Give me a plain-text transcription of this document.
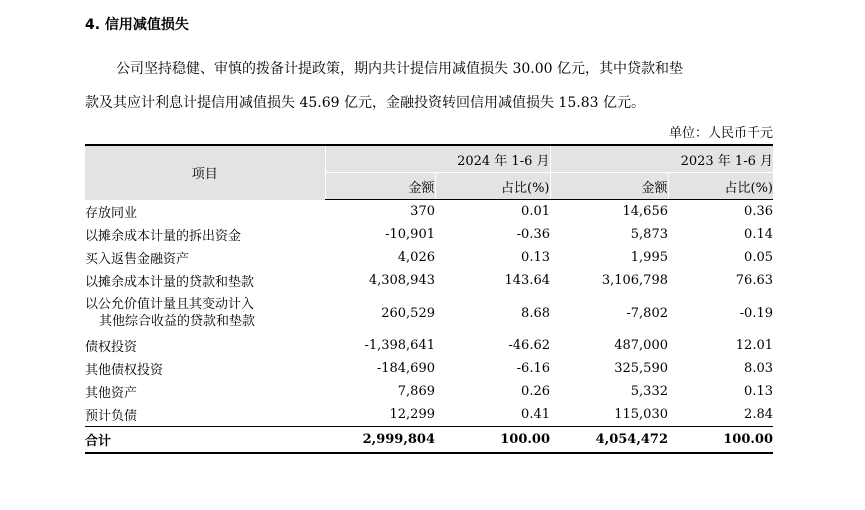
4. 信用减值损失
公司坚持稳健、审慎的拨备计提政策，期内共计提信用减值损失 30.00 亿元，其中贷款和垫
款及其应计利息计提信用减值损失 45.69 亿元，金融投资转回信用减值损失 15.83 亿元。
单位：人民币千元
项目	2024 年 1-6 月		2023 年 1-6 月	
	金额	占比(%)	金额	占比(%)
存放同业	370	0.01	14,656	0.36
以摊余成本计量的拆出资金	-10,901	-0.36	5,873	0.14
买入返售金融资产	4,026	0.13	1,995	0.05
以摊余成本计量的贷款和垫款	4,308,943	143.64	3,106,798	76.63
以公允价值计量且其变动计入
其他综合收益的贷款和垫款	260,529	8.68	-7,802	-0.19
债权投资	-1,398,641	-46.62	487,000	12.01
其他债权投资	-184,690	-6.16	325,590	8.03
其他资产	7,869	0.26	5,332	0.13
预计负债	12,299	0.41	115,030	2.84
合计	2,999,804	100.00	4,054,472	100.00
